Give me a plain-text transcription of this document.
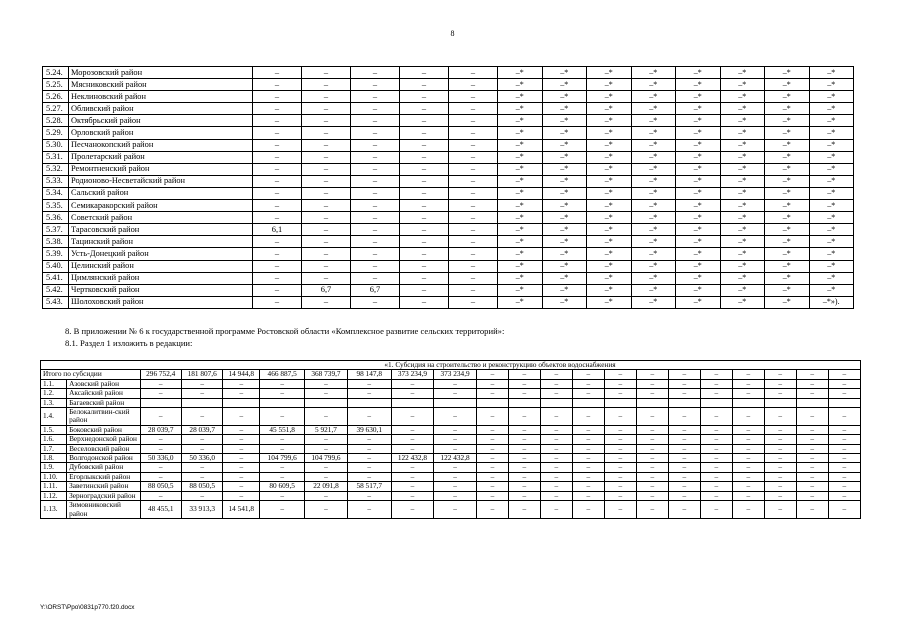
8
5.24.	Морозовский район	–	–	–	–	–	–*	–*	–*	–*	–*	–*	–*	–*
5.25.	Мясниковский район	–	–	–	–	–	–*	–*	–*	–*	–*	–*	–*	–*
5.26.	Неклиновский район	–	–	–	–	–	–*	–*	–*	–*	–*	–*	–*	–*
5.27.	Обливский район	–	–	–	–	–	–*	–*	–*	–*	–*	–*	–*	–*
5.28.	Октябрьский район	–	–	–	–	–	–*	–*	–*	–*	–*	–*	–*	–*
5.29.	Орловский район	–	–	–	–	–	–*	–*	–*	–*	–*	–*	–*	–*
5.30.	Песчанокопский район	–	–	–	–	–	–*	–*	–*	–*	–*	–*	–*	–*
5.31.	Пролетарский район	–	–	–	–	–	–*	–*	–*	–*	–*	–*	–*	–*
5.32.	Ремонтненский район	–	–	–	–	–	–*	–*	–*	–*	–*	–*	–*	–*
5.33.	Родионово-Несветайский район	–	–	–	–	–	–*	–*	–*	–*	–*	–*	–*	–*
5.34.	Сальский район	–	–	–	–	–	–*	–*	–*	–*	–*	–*	–*	–*
5.35.	Семикаракорский район	–	–	–	–	–	–*	–*	–*	–*	–*	–*	–*	–*
5.36.	Советский район	–	–	–	–	–	–*	–*	–*	–*	–*	–*	–*	–*
5.37.	Тарасовский район	6,1	–	–	–	–	–*	–*	–*	–*	–*	–*	–*	–*
5.38.	Тацинский район	–	–	–	–	–	–*	–*	–*	–*	–*	–*	–*	–*
5.39.	Усть-Донецкий район	–	–	–	–	–	–*	–*	–*	–*	–*	–*	–*	–*
5.40.	Целинский район	–	–	–	–	–	–*	–*	–*	–*	–*	–*	–*	–*
5.41.	Цимлянский район	–	–	–	–	–	–*	–*	–*	–*	–*	–*	–*	–*
5.42.	Чертковский район	–	6,7	6,7	–	–	–*	–*	–*	–*	–*	–*	–*	–*
5.43.	Шолоховский район	–	–	–	–	–	–*	–*	–*	–*	–*	–*	–*	–*»).
8. В приложении № 6 к государственной программе Ростовской области «Комплексное развитие сельских территорий»:
8.1. Раздел 1 изложить в редакции:
		«1. Субсидия на строительство и реконструкцию объектов водоснабжения																			
Итого по субсидии		296 752,4	181 807,6	14 944,8	466 887,5	368 739,7	98 147,8	373 234,9	373 234,9	–	–	–	–	–	–	–	–	–	–	–	–
1.1.	Азовский район	–	–	–	–	–	–	–	–	–	–	–	–	–	–	–	–	–	–	–	–
1.2.	Аксайский район	–	–	–	–	–	–	–	–	–	–	–	–	–	–	–	–	–	–	–	–
1.3.	Багаевский район																				
1.4.	Белокалитвин-ский район	–	–	–	–	–	–	–	–	–	–	–	–	–	–	–	–	–	–	–	–
1.5.	Боковский район	28 039,7	28 039,7	–	45 551,8	5 921,7	39 630,1	–	–	–	–	–	–	–	–	–	–	–	–	–	–
1.6.	Верхнедонской район	–	–	–	–	–	–	–	–	–	–	–	–	–	–	–	–	–	–	–	–
1.7.	Веселовский район	–	–	–	–	–	–	–	–	–	–	–	–	–	–	–	–	–	–	–	–
1.8.	Волгодонской район	50 336,0	50 336,0	–	104 799,6	104 799,6	–	122 432,8	122 432,8	–	–	–	–	–	–	–	–	–	–	–	–
1.9.	Дубовский район	–	–	–	–	–	–	–	–	–	–	–	–	–	–	–	–	–	–	–	–
1.10.	Егорлыкский район	–	–	–	–	–	–	–	–	–	–	–	–	–	–	–	–	–	–	–	–
1.11.	Заветинский район	88 050,5	88 050,5	–	80 609,5	22 091,8	58 517,7	–	–	–	–	–	–	–	–	–	–	–	–	–	–
1.12.	Зерноградский район	–	–	–	–	–	–	–	–	–	–	–	–	–	–	–	–	–	–	–	–
1.13.	Зимовниковский район	48 455,1	33 913,3	14 541,8	–	–	–	–	–	–	–	–	–	–	–	–	–	–	–	–	–
Y:\ORST\Ppo\0831p770.f20.docx
